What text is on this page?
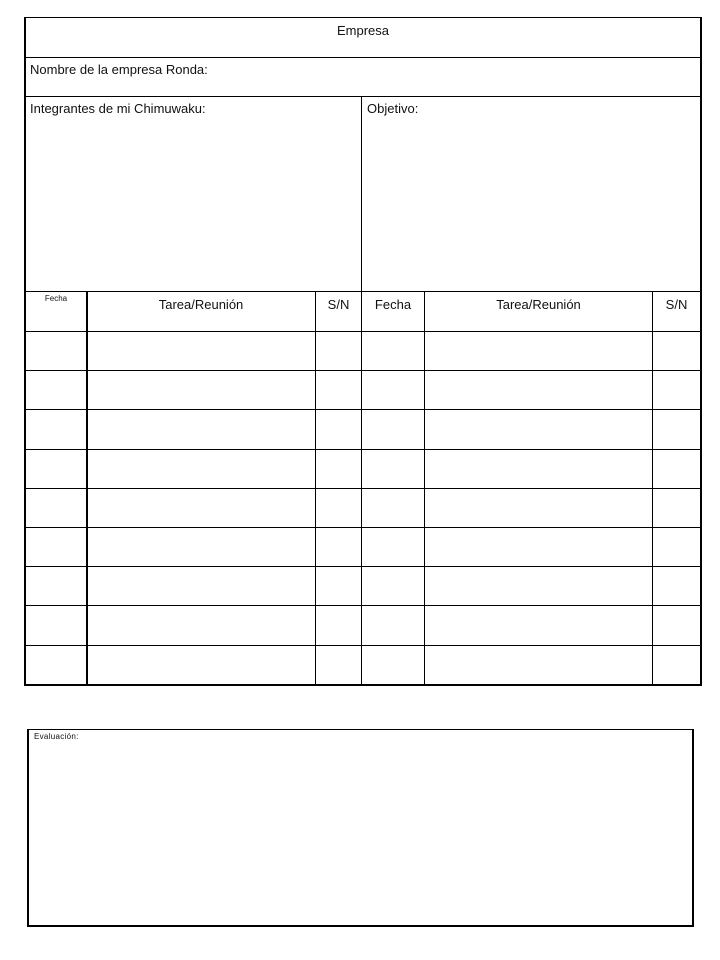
Empresa
Nombre de la empresa Ronda:
Integrantes de mi Chimuwaku:	Objetivo:
Fecha	Tarea/Reunión	S/N	Fecha	Tarea/Reunión	S/N
Evaluación:
